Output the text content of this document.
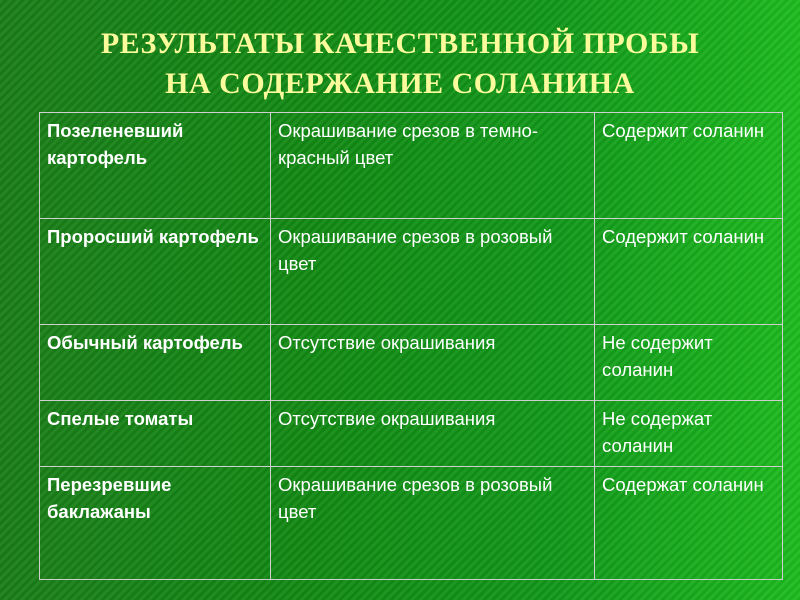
РЕЗУЛЬТАТЫ КАЧЕСТВЕННОЙ ПРОБЫ
НА СОДЕРЖАНИЕ СОЛАНИНА
Позеленевший картофель	Окрашивание срезов в темно-красный цвет	Содержит соланин
Проросший картофель	Окрашивание срезов в розовый цвет	Содержит соланин
Обычный картофель	Отсутствие окрашивания	Не содержит соланин
Спелые томаты	Отсутствие окрашивания	Не содержат соланин
Перезревшие баклажаны	Окрашивание срезов в розовый цвет	Содержат соланин
